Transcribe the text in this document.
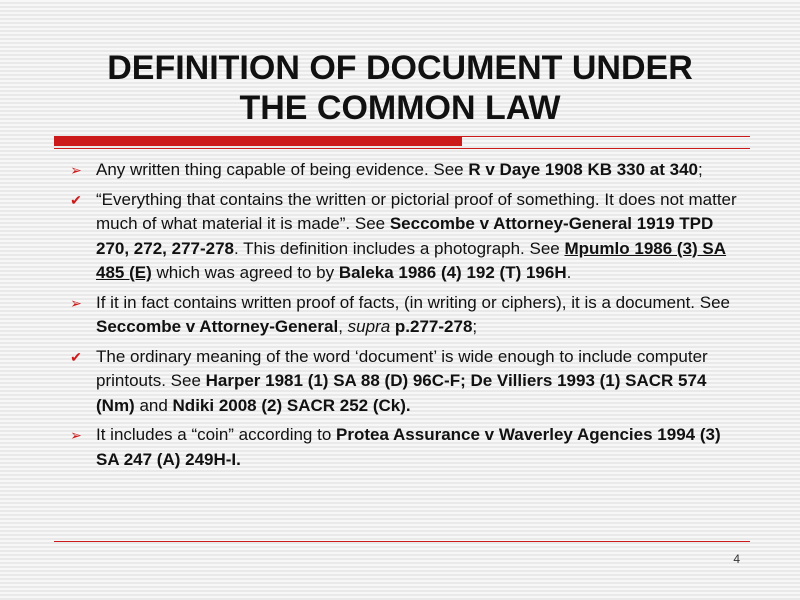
DEFINITION OF DOCUMENT UNDER
THE COMMON LAW
➢ Any written thing capable of being evidence. See R v Daye 1908 KB 330 at 340;
✔ “Everything that contains the written or pictorial proof of something. It does not matter much of what material it is made”. See Seccombe v Attorney-General 1919 TPD 270, 272, 277-278. This definition includes a photograph. See Mpumlo 1986 (3) SA 485 (E) which was agreed to by Baleka 1986 (4) 192 (T) 196H.
➢ If it in fact contains written proof of facts, (in writing or ciphers), it is a document. See Seccombe v Attorney-General, supra p.277-278;
✔ The ordinary meaning of the word ‘document’ is wide enough to include computer printouts. See Harper 1981 (1) SA 88 (D) 96C-F; De Villiers 1993 (1) SACR 574 (Nm) and Ndiki 2008 (2) SACR 252 (Ck).
➢ It includes a “coin” according to Protea Assurance v Waverley Agencies 1994 (3) SA 247 (A) 249H-I.
4
